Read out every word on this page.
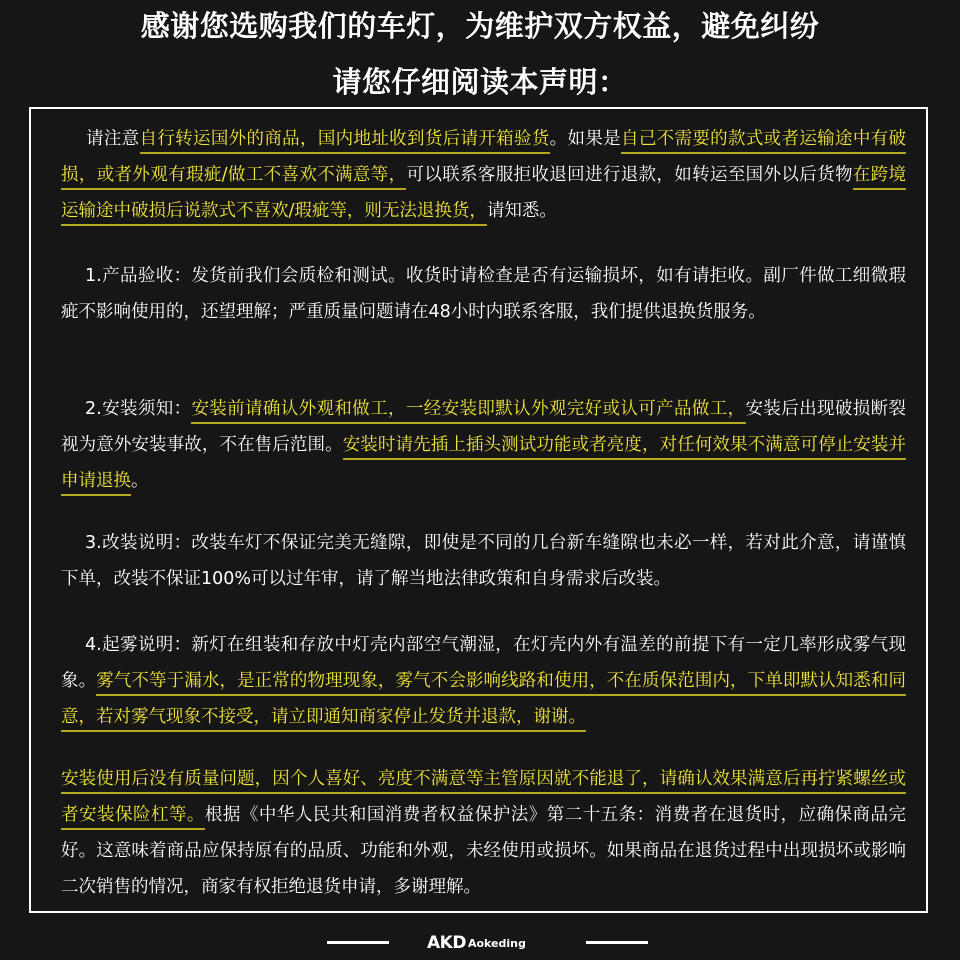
感谢您选购我们的车灯，为维护双方权益，避免纠纷
请您仔细阅读本声明：
请注意自行转运国外的商品，国内地址收到货后请开箱验货。如果是自己不需要的款式或者运输途中有破损，或者外观有瑕疵/做工不喜欢不满意等，可以联系客服拒收退回进行退款，如转运至国外以后货物在跨境运输途中破损后说款式不喜欢/瑕疵等，则无法退换货，请知悉。
1.产品验收：发货前我们会质检和测试。收货时请检查是否有运输损坏，如有请拒收。副厂件做工细微瑕疵不影响使用的，还望理解；严重质量问题请在48小时内联系客服，我们提供退换货服务。
2.安装须知：安装前请确认外观和做工，一经安装即默认外观完好或认可产品做工，安装后出现破损断裂视为意外安装事故，不在售后范围。安装时请先插上插头测试功能或者亮度，对任何效果不满意可停止安装并申请退换。
3.改装说明：改装车灯不保证完美无缝隙，即使是不同的几台新车缝隙也未必一样，若对此介意，请谨慎下单，改装不保证100%可以过年审，请了解当地法律政策和自身需求后改装。
4.起雾说明：新灯在组装和存放中灯壳内部空气潮湿，在灯壳内外有温差的前提下有一定几率形成雾气现象。雾气不等于漏水，是正常的物理现象，雾气不会影响线路和使用，不在质保范围内，下单即默认知悉和同意，若对雾气现象不接受，请立即通知商家停止发货并退款，谢谢。
安装使用后没有质量问题，因个人喜好、亮度不满意等主管原因就不能退了，请确认效果满意后再拧紧螺丝或者安装保险杠等。根据《中华人民共和国消费者权益保护法》第二十五条：消费者在退货时，应确保商品完好。这意味着商品应保持原有的品质、功能和外观，未经使用或损坏。如果商品在退货过程中出现损坏或影响二次销售的情况，商家有权拒绝退货申请，多谢理解。
AKD Aokeding
